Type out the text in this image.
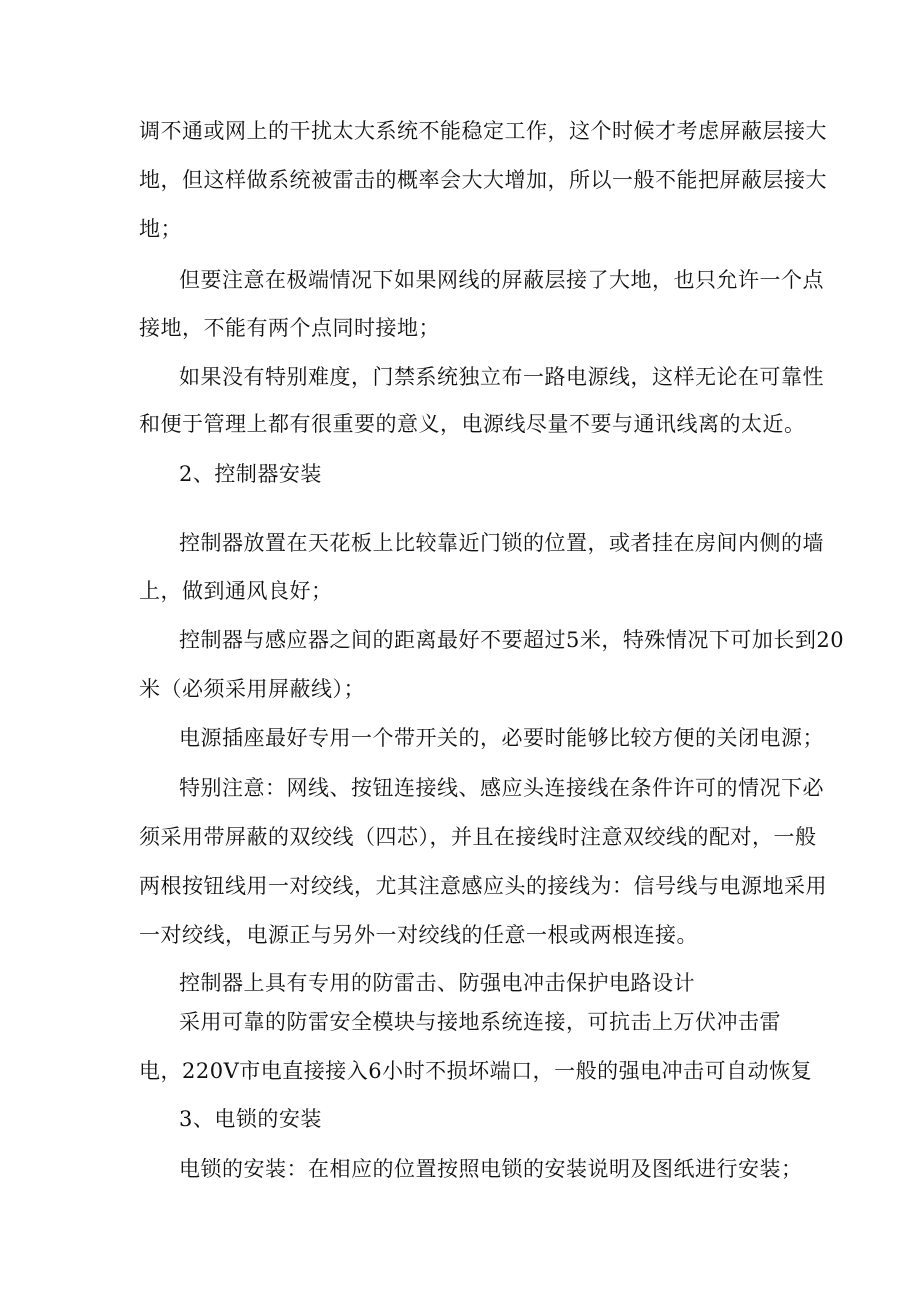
调不通或网上的干扰太大系统不能稳定工作，这个时候才考虑屏蔽层接大
地，但这样做系统被雷击的概率会大大增加，所以一般不能把屏蔽层接大
地；
但要注意在极端情况下如果网线的屏蔽层接了大地，也只允许一个点
接地，不能有两个点同时接地；
如果没有特别难度，门禁系统独立布一路电源线，这样无论在可靠性
和便于管理上都有很重要的意义，电源线尽量不要与通讯线离的太近。
2、控制器安装
控制器放置在天花板上比较靠近门锁的位置，或者挂在房间内侧的墙
上，做到通风良好；
控制器与感应器之间的距离最好不要超过5米，特殊情况下可加长到20
米（必须采用屏蔽线）；
电源插座最好专用一个带开关的，必要时能够比较方便的关闭电源；
特别注意：网线、按钮连接线、感应头连接线在条件许可的情况下必
须采用带屏蔽的双绞线（四芯），并且在接线时注意双绞线的配对，一般
两根按钮线用一对绞线，尤其注意感应头的接线为：信号线与电源地采用
一对绞线，电源正与另外一对绞线的任意一根或两根连接。
控制器上具有专用的防雷击、防强电冲击保护电路设计
采用可靠的防雷安全模块与接地系统连接，可抗击上万伏冲击雷
电，220V市电直接接入6小时不损坏端口，一般的强电冲击可自动恢复
3、电锁的安装
电锁的安装：在相应的位置按照电锁的安装说明及图纸进行安装；
